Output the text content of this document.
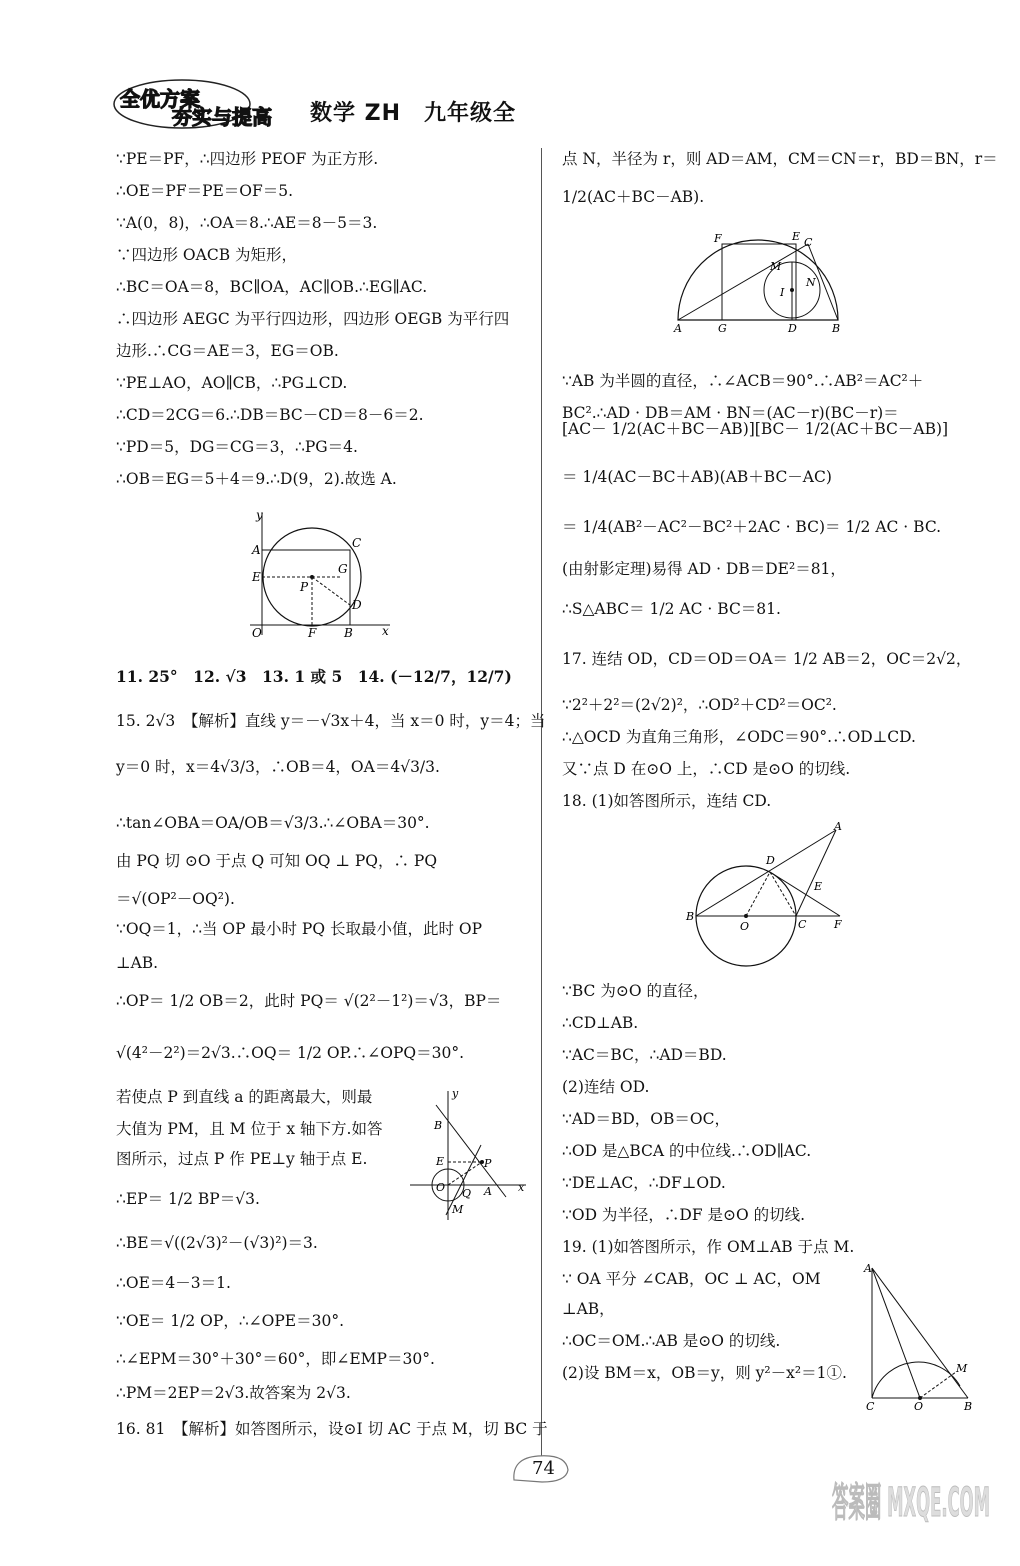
全优方案
夯实与提高 数学 ZH　九年级全
∵PE＝PF，∴四边形 PEOF 为正方形.
∴OE＝PF＝PE＝OF＝5.
∵A(0，8)，∴OA＝8.∴AE＝8－5＝3.
∵四边形 OACB 为矩形，
∴BC＝OA＝8，BC∥OA，AC∥OB.∴EG∥AC.
∴四边形 AEGC 为平行四边形，四边形 OEGB 为平行四
边形.∴CG＝AE＝3，EG＝OB.
∵PE⊥AO，AO∥CB，∴PG⊥CD.
∴CD＝2CG＝6.∴DB＝BC－CD＝8－6＝2.
∵PD＝5，DG＝CG＝3，∴PG＝4.
∴OB＝EG＝5＋4＝9.∴D(9，2).故选 A.
11. 25°　12. √3　13. 1 或 5　14. (－12/7，12/7)
15. 2√3　【解析】直线 y＝－√3x＋4，当 x＝0 时，y＝4；当
y＝0 时，x＝4√3/3，∴OB＝4，OA＝4√3/3.
∴tan∠OBA＝OA/OB＝√3/3.∴∠OBA＝30°.
由 PQ 切 ⊙O 于点 Q 可知 OQ ⊥ PQ，∴ PQ
＝√(OP²－OQ²).
∵OQ＝1，∴当 OP 最小时 PQ 长取最小值，此时 OP
⊥AB.
∴OP＝ 1/2 OB＝2，此时 PQ＝ √(2²－1²)＝√3，BP＝
√(4²－2²)＝2√3.∴OQ＝ 1/2 OP.∴∠OPQ＝30°.
若使点 P 到直线 a 的距离最大，则最
大值为 PM，且 M 位于 x 轴下方.如答
图所示，过点 P 作 PE⊥y 轴于点 E.
∴EP＝ 1/2 BP＝√3.
∴BE＝√((2√3)²－(√3)²)＝3.
∴OE＝4－3＝1.
∵OE＝ 1/2 OP，∴∠OPE＝30°.
∴∠EPM＝30°＋30°＝60°，即∠EMP＝30°.
∴PM＝2EP＝2√3.故答案为 2√3.
16. 81　【解析】如答图所示，设⊙I 切 AC 于点 M，切 BC 于
y
A	C
E
G
P
D
O	F B x
y
B
E	P
O Q A
M
x
点 N，半径为 r，则 AD＝AM，CM＝CN＝r，BD＝BN，r＝
1/2(AC＋BC－AB).
∵AB 为半圆的直径，∴∠ACB＝90°.∴AB²＝AC²＋
BC².∴AD · DB＝AM · BN＝(AC－r)(BC－r)＝
[AC－ 1/2(AC＋BC－AB)][BC－ 1/2(AC＋BC－AB)]
＝ 1/4(AC－BC＋AB)(AB＋BC－AC)
＝ 1/4(AB²－AC²－BC²＋2AC · BC)＝ 1/2 AC · BC.
(由射影定理)易得 AD · DB＝DE²＝81，
∴S△ABC＝ 1/2 AC · BC＝81.
17. 连结 OD，CD＝OD＝OA＝ 1/2 AB＝2，OC＝2√2，
∵2²＋2²＝(2√2)²，∴OD²＋CD²＝OC².
∴△OCD 为直角三角形，∠ODC＝90°.∴OD⊥CD.
又∵点 D 在⊙O 上，∴CD 是⊙O 的切线.
18. (1)如答图所示，连结 CD.
∵BC 为⊙O 的直径，
∴CD⊥AB.
∵AC＝BC，∴AD＝BD.
(2)连结 OD.
∵AD＝BD，OB＝OC，
∴OD 是△BCA 的中位线.∴OD∥AC.
∵DE⊥AC，∴DF⊥OD.
∵OD 为半径，∴DF 是⊙O 的切线.
19. (1)如答图所示，作 OM⊥AB 于点 M.
∵ OA 平分 ∠CAB，OC ⊥ AC，OM
⊥AB，
∴OC＝OM.∴AB 是⊙O 的切线.
(2)设 BM＝x，OB＝y，则 y²－x²＝1①.
F	E C
M
N
I
A	G	D	B
A
D
E
B
O	C	F
A
M
C	O	B
74
答案圈 MXQE.COM
